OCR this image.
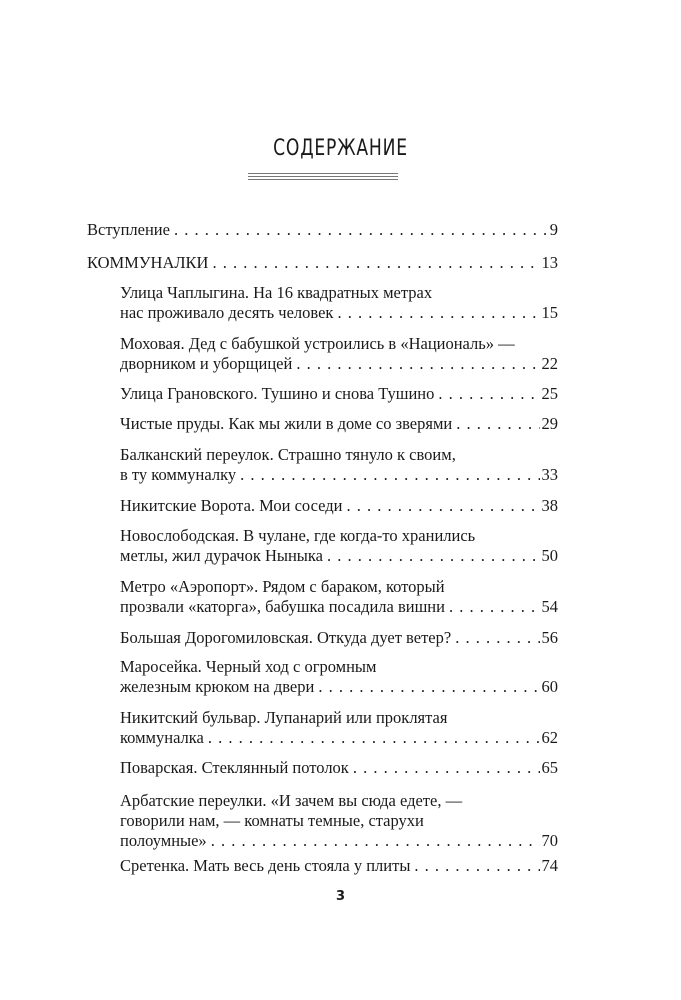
СОДЕРЖАНИЕ
Вступление . . .	9
КОММУНАЛКИ . . .	13
Улица Чаплыгина. На 16 квадратных метрах
нас проживало десять человек . . .	15
Моховая. Дед с бабушкой устроились в «Националь» —
дворником и уборщицей . . .	22
Улица Грановского. Тушино и снова Тушино . . .	25
Чистые пруды. Как мы жили в доме со зверями . . .	29
Балканский переулок. Страшно тянуло к своим,
в ту коммуналку . . .	33
Никитские Ворота. Мои соседи . . .	38
Новослободская. В чулане, где когда-то хранились
метлы, жил дурачок Ныныка . . .	50
Метро «Аэропорт». Рядом с бараком, который
прозвали «каторга», бабушка посадила вишни . . .	54
Большая Дорогомиловская. Откуда дует ветер? . . .	56
Маросейка. Черный ход с огромным
железным крюком на двери . . .	60
Никитский бульвар. Лупанарий или проклятая
коммуналка . . .	62
Поварская. Стеклянный потолок . . .	65
Арбатские переулки. «И зачем вы сюда едете, —
говорили нам, — комнаты темные, старухи
полоумные» . . .	70
Сретенка. Мать весь день стояла у плиты . . .	74
3
